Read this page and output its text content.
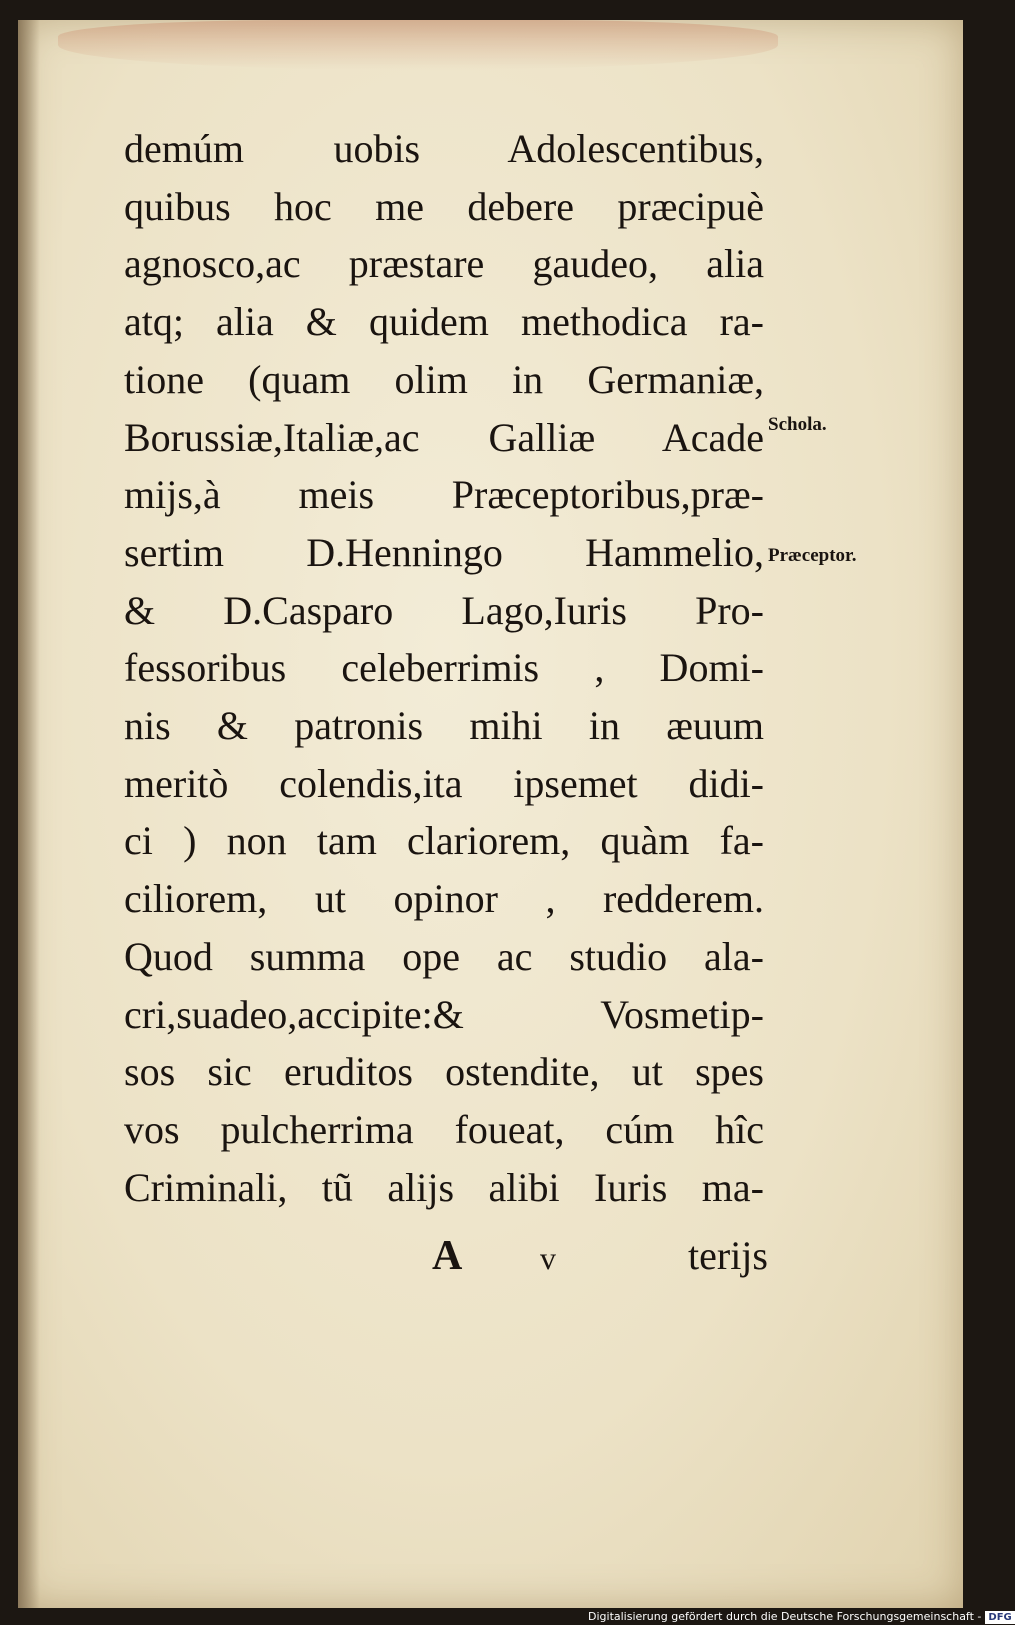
demúm uobis Adolescentibus,
quibus hoc me debere præcipuè
agnosco,ac præstare gaudeo, alia
atq; alia & quidem methodica ra-
tione (quam olim in Germaniæ,
Borussiæ,Italiæ,ac Galliæ Acade
mijs,à meis Præceptoribus,præ-
sertim D.Henningo Hammelio,
& D.Casparo Lago,Iuris Pro-
fessoribus celeberrimis , Domi-
nis & patronis mihi in æuum
meritò colendis,ita ipsemet didi-
ci ) non tam clariorem, quàm fa-
ciliorem, ut opinor , redderem.
Quod summa ope ac studio ala-
cri,suadeo,accipite:& Vosmetip-
sos sic eruditos ostendite, ut spes
vos pulcherrima foueat, cúm hîc
Criminali, tũ alijs alibi Iuris ma-
Schola.
Præceptor.
A v	terijs
Digitalisierung gefördert durch die Deutsche Forschungsgemeinschaft - DFG
